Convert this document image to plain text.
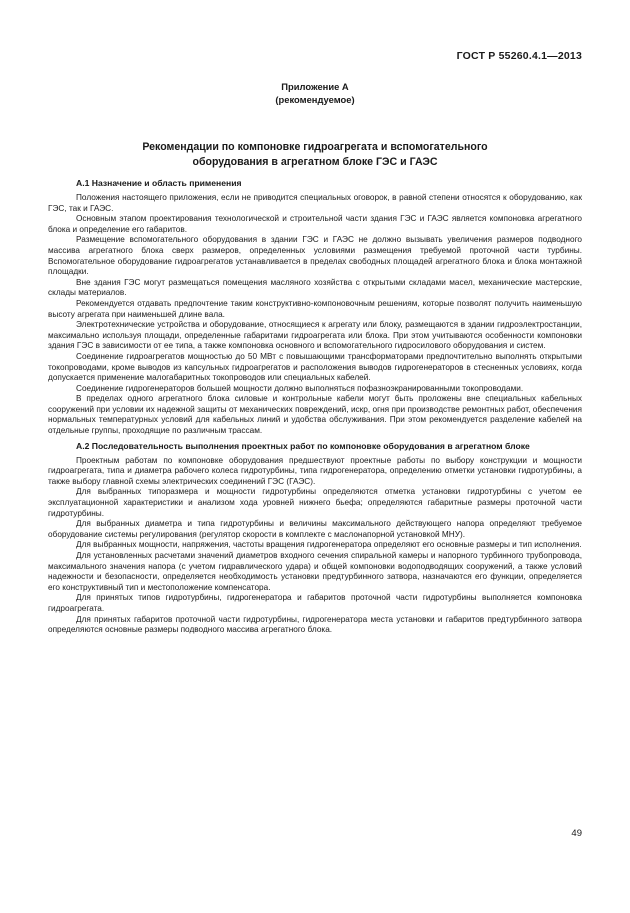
ГОСТ Р 55260.4.1—2013
Приложение А
(рекомендуемое)
Рекомендации по компоновке гидроагрегата и вспомогательного
оборудования в агрегатном блоке ГЭС и ГАЭС
А.1 Назначение и область применения

Положения настоящего приложения, если не приводится специальных оговорок, в равной степени относятся к оборудованию, как ГЭС, так и ГАЭС.

Основным этапом проектирования технологической и строительной части здания ГЭС и ГАЭС является компоновка агрегатного блока и определение его габаритов.

Размещение вспомогательного оборудования в здании ГЭС и ГАЭС не должно вызывать увеличения размеров подводного массива агрегатного блока сверх размеров, определенных условиями размещения требуемой проточной части турбины. Вспомогательное оборудование гидроагрегатов устанавливается в пределах свободных площадей агрегатного блока и блока монтажной площадки.

Вне здания ГЭС могут размещаться помещения масляного хозяйства с открытыми складами масел, механические мастерские, склады материалов.

Рекомендуется отдавать предпочтение таким конструктивно-компоновочным решениям, которые позволят получить наименьшую высоту агрегата при наименьшей длине вала.

Электротехнические устройства и оборудование, относящиеся к агрегату или блоку, размещаются в здании гидроэлектростанции, максимально используя площади, определенные габаритами гидроагрегата или блока. При этом учитываются особенности компоновки здания ГЭС в зависимости от ее типа, а также компоновка основного и вспомогательного гидросилового оборудования и систем.

Соединение гидроагрегатов мощностью до 50 МВт с повышающими трансформаторами предпочтительно выполнять открытыми токопроводами, кроме выводов из капсульных гидроагрегатов и расположения выводов гидрогенераторов в стесненных условиях, когда допускается применение малогабаритных токопроводов или специальных кабелей.

Соединение гидрогенераторов большей мощности должно выполняться пофазноэкранированными токопроводами.

В пределах одного агрегатного блока силовые и контрольные кабели могут быть проложены вне специальных кабельных сооружений при условии их надежной защиты от механических повреждений, искр, огня при производстве ремонтных работ, обеспечения нормальных температурных условий для кабельных линий и удобства обслуживания. При этом рекомендуется разделение кабелей на отдельные группы, проходящие по различным трассам.

А.2 Последовательность выполнения проектных работ по компоновке оборудования в агрегатном блоке

Проектным работам по компоновке оборудования предшествуют проектные работы по выбору конструкции и мощности гидроагрегата, типа и диаметра рабочего колеса гидротурбины, типа гидрогенератора, определению отметки установки гидротурбины, а также выбору главной схемы электрических соединений ГЭС (ГАЭС).

Для выбранных типоразмера и мощности гидротурбины определяются отметка установки гидротурбины с учетом ее эксплуатационной характеристики и анализом хода уровней нижнего бьефа; определяются габаритные размеры проточной части гидротурбины.

Для выбранных диаметра и типа гидротурбины и величины максимального действующего напора определяют требуемое оборудование системы регулирования (регулятор скорости в комплекте с маслонапорной установкой МНУ).

Для выбранных мощности, напряжения, частоты вращения гидрогенератора определяют его основные размеры и тип исполнения.

Для установленных расчетами значений диаметров входного сечения спиральной камеры и напорного турбинного трубопровода, максимального значения напора (с учетом гидравлического удара) и общей компоновки водоподводящих сооружений, а также условий надежности и безопасности, определяется необходимость установки предтурбинного затвора, назначаются его функции, определяется его конструктивный тип и местоположение компенсатора.

Для принятых типов гидротурбины, гидрогенератора и габаритов проточной части гидротурбины выполняется компоновка гидроагрегата.

Для принятых габаритов проточной части гидротурбины, гидрогенератора места установки и габаритов предтурбинного затвора определяются основные размеры подводного массива агрегатного блока.

49
